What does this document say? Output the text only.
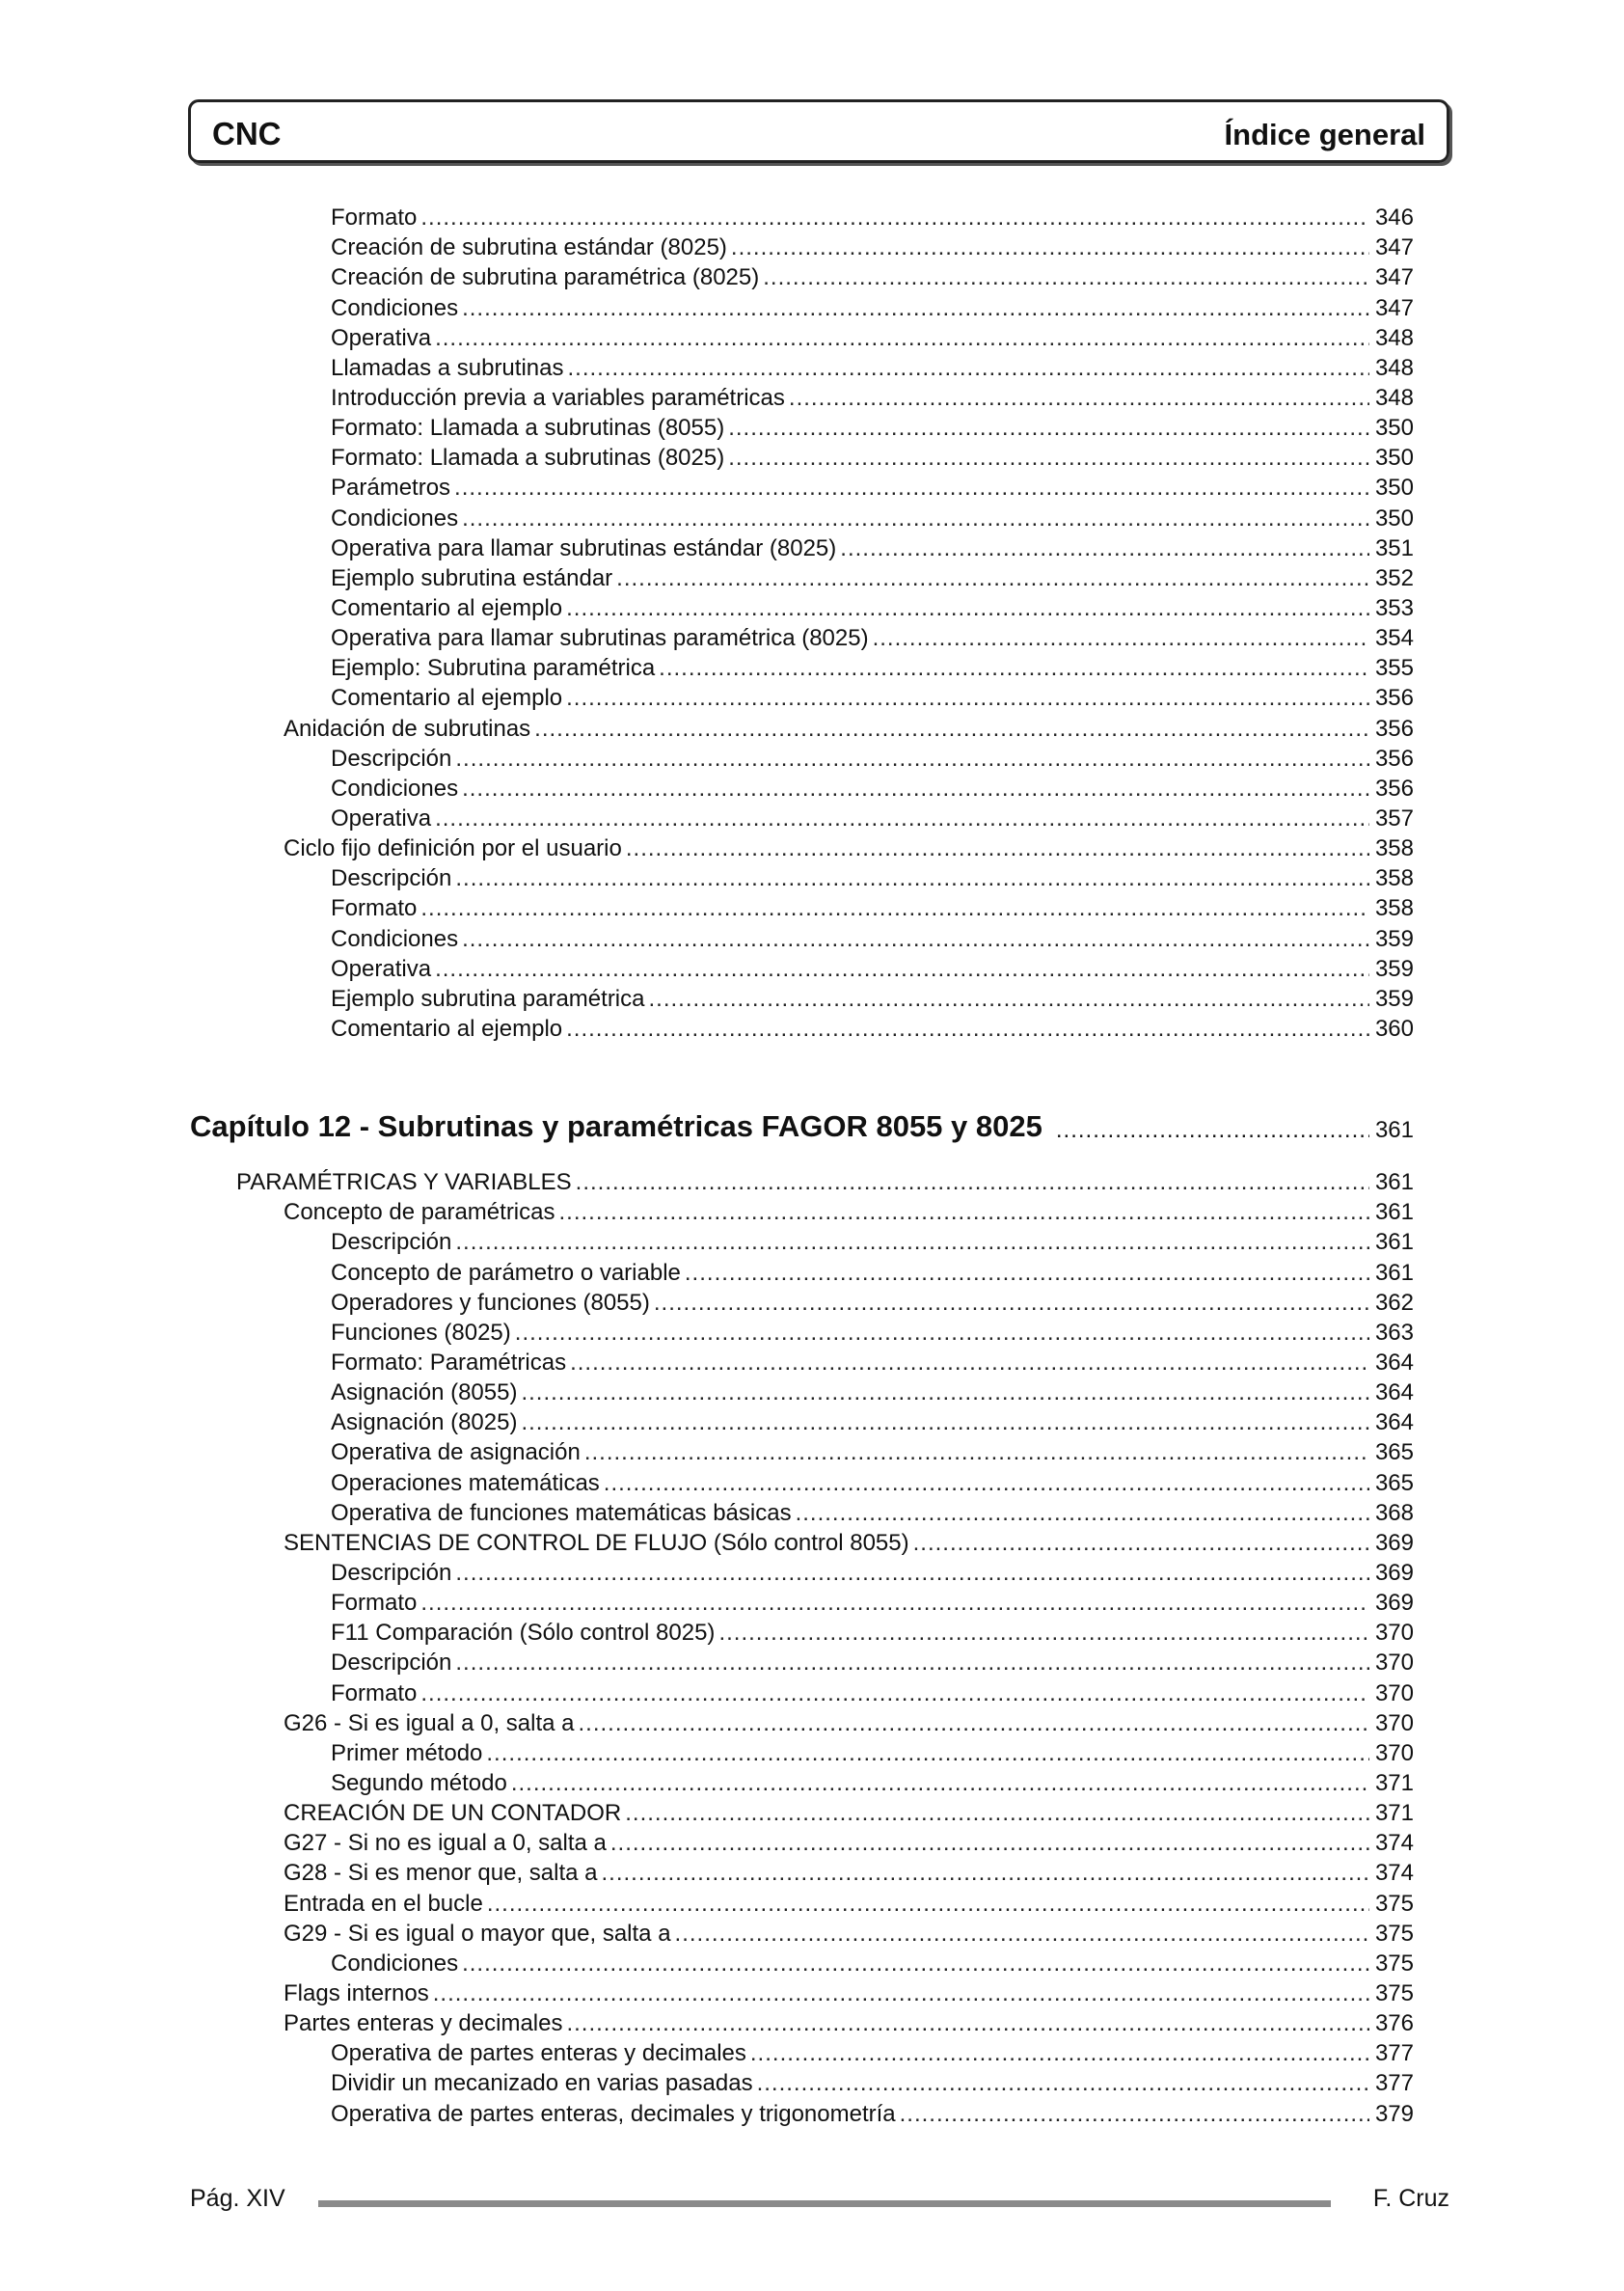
CNC	Índice general
Formato .....	346
Creación de subrutina estándar (8025) .....	347
Creación de subrutina paramétrica (8025) .....	347
Condiciones .....	347
Operativa .....	348
Llamadas a subrutinas .....	348
Introducción previa a variables paramétricas .....	348
Formato: Llamada a subrutinas (8055) .....	350
Formato: Llamada a subrutinas (8025) .....	350
Parámetros .....	350
Condiciones .....	350
Operativa para llamar subrutinas estándar (8025) .....	351
Ejemplo subrutina estándar .....	352
Comentario al ejemplo .....	353
Operativa para llamar subrutinas paramétrica (8025) .....	354
Ejemplo: Subrutina paramétrica .....	355
Comentario al ejemplo .....	356
Anidación de subrutinas .....	356
Descripción .....	356
Condiciones .....	356
Operativa .....	357
Ciclo fijo definición por el usuario .....	358
Descripción .....	358
Formato .....	358
Condiciones .....	359
Operativa .....	359
Ejemplo subrutina paramétrica .....	359
Comentario al ejemplo .....	360
Capítulo 12 - Subrutinas y paramétricas FAGOR 8055 y 8025 .....	361
PARAMÉTRICAS Y VARIABLES .....	361
Concepto de paramétricas .....	361
Descripción .....	361
Concepto de parámetro o variable .....	361
Operadores y funciones (8055) .....	362
Funciones (8025) .....	363
Formato: Paramétricas .....	364
Asignación (8055) .....	364
Asignación (8025) .....	364
Operativa de asignación .....	365
Operaciones matemáticas .....	365
Operativa de funciones matemáticas básicas .....	368
SENTENCIAS DE CONTROL DE FLUJO (Sólo control 8055) .....	369
Descripción .....	369
Formato .....	369
F11 Comparación (Sólo control 8025) .....	370
Descripción .....	370
Formato .....	370
G26 - Si es igual a 0, salta a .....	370
Primer método .....	370
Segundo método .....	371
CREACIÓN DE UN CONTADOR .....	371
G27 - Si no es igual a 0, salta a .....	374
G28 - Si es menor que, salta a .....	374
Entrada en el bucle .....	375
G29 - Si es igual o mayor que, salta a .....	375
Condiciones .....	375
Flags internos .....	375
Partes enteras y decimales .....	376
Operativa de partes enteras y decimales .....	377
Dividir un mecanizado en varias pasadas .....	377
Operativa de partes enteras, decimales y trigonometría .....	379
Pág. XIV	F. Cruz
